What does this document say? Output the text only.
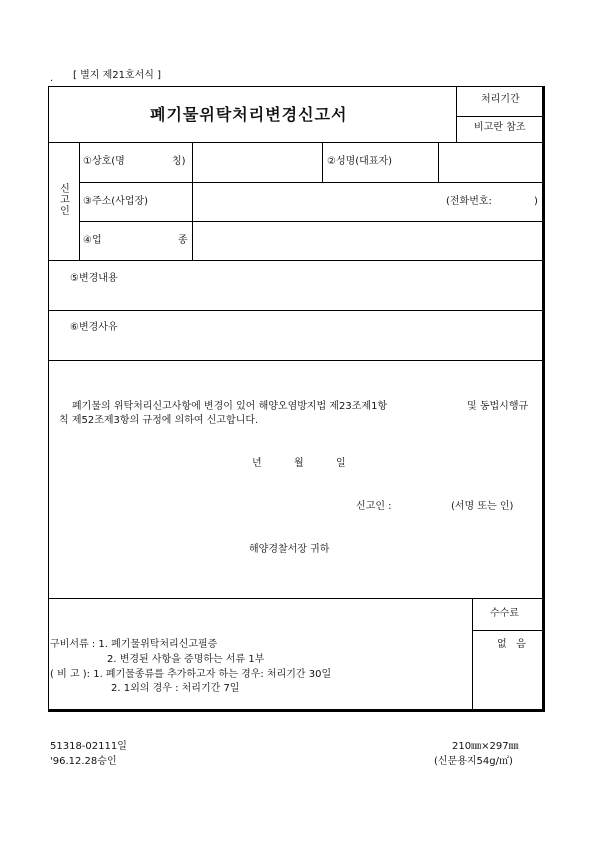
. [ 별지 제21호서식 ]
폐기물위탁처리변경신고서
처리기간
비고란 참조
신고인
①상호(명	칭)	②성명(대표자)
③주소(사업장)	(전화번호:	)
④업	종
⑤변경내용
⑥변경사유
폐기물의 위탁처리신고사항에 변경이 있어 해양오염방지법 제23조제1항	및 동법시행규
칙 제52조제3항의 규정에 의하여 신고합니다.
년	월	일
신고인 :	(서명 또는 인)
해양경찰서장 귀하
구비서류 : 1. 폐기물위탁처리신고필증
2. 변경된 사항을 증명하는 서류 1부
( 비 고 ): 1. 폐기물종류를 추가하고자 하는 경우: 처리기간 30일
2. 1외의 경우 : 처리기간 7일
수수료
없   음
51318-02111일
'96.12.28승인
210㎜×297㎜
(신문용지54g/㎡)
